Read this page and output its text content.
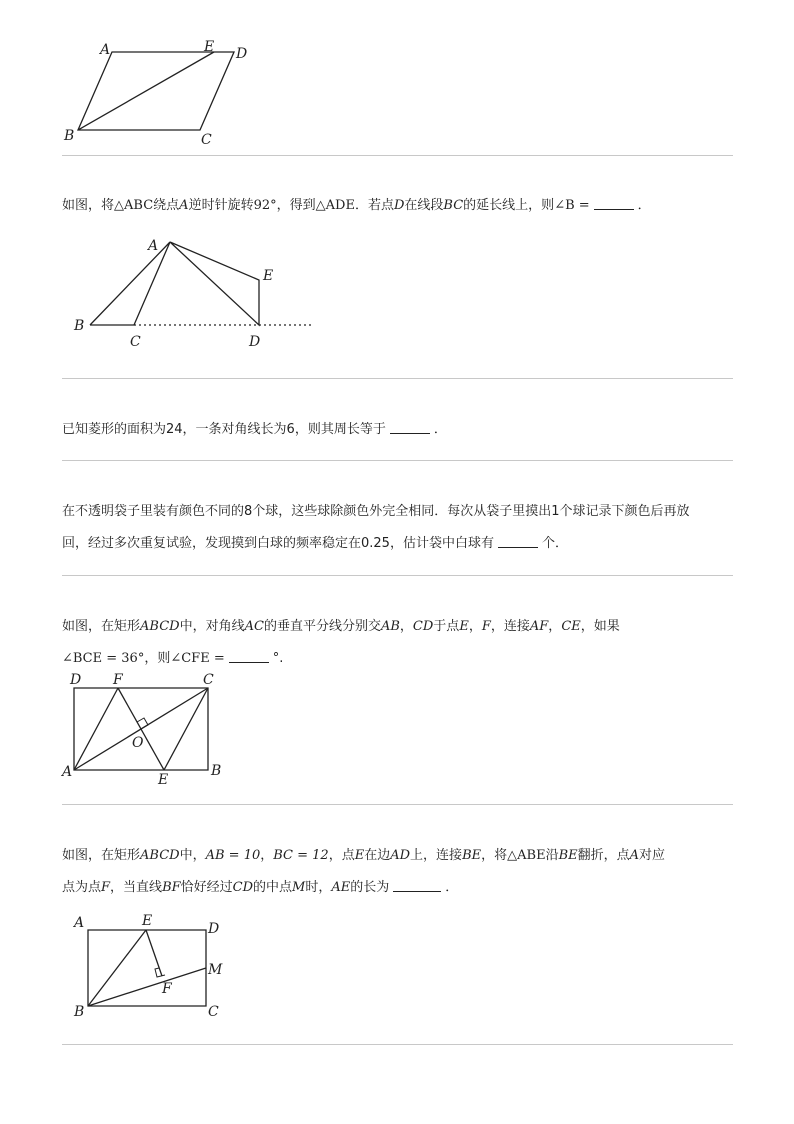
A	E D
B	C
如图，将△ABC绕点A逆时针旋转92°，得到△ADE．若点D在线段BC的延长线上，则∠B =	．
A
E
B
C	D
已知菱形的面积为24，一条对角线长为6，则其周长等于	．
在不透明袋子里装有颜色不同的8个球，这些球除颜色外完全相同．每次从袋子里摸出1个球记录下颜色后再放
回，经过多次重复试验，发现摸到白球的频率稳定在0.25，估计袋中白球有	个．
如图，在矩形ABCD中，对角线AC的垂直平分线分别交AB，CD于点E，F，连接AF，CE，如果
∠BCE = 36°，则∠CFE =	°.
D F	C
O
A	E
B
如图，在矩形ABCD中，AB = 10，BC = 12，点E在边AD上，连接BE，将△ABE沿BE翻折，点A对应
点为点F，当直线BF恰好经过CD的中点M时，AE的长为	．
A	E	D
M
F
B	C
